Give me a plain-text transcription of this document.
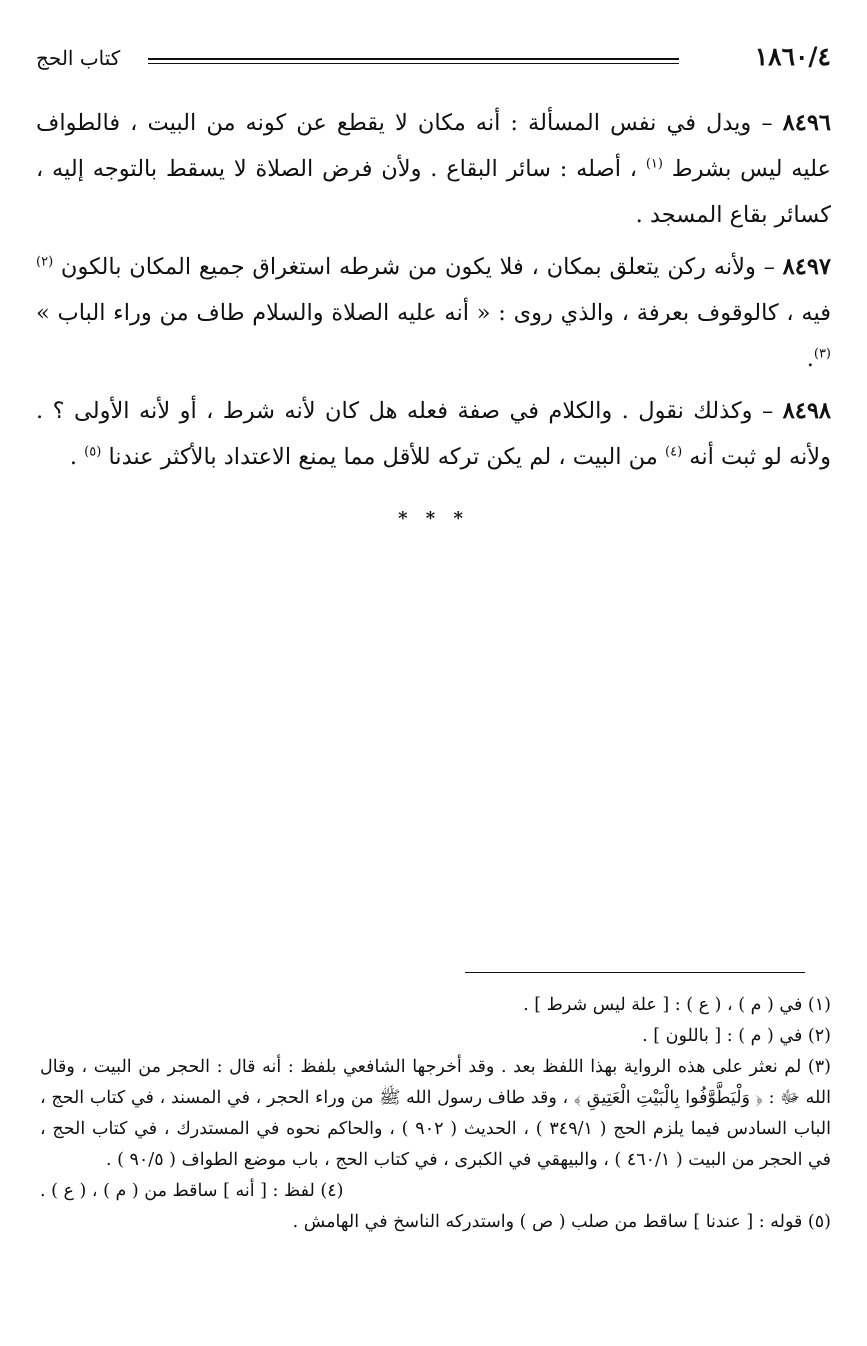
١٨٦٠/٤
كتاب الحج

٨٤٩٦ – ويدل في نفس المسألة : أنه مكان لا يقطع عن كونه من البيت ، فالطواف عليه ليس بشرط $^{(١)}$ ، أصله : سائر البقاع . ولأن فرض الصلاة لا يسقط بالتوجه إليه ، كسائر بقاع المسجد .

٨٤٩٧ – ولأنه ركن يتعلق بمكان ، فلا يكون من شرطه استغراق جميع المكان بالكون $^{(٢)}$ فيه ، كالوقوف بعرفة ، والذي روى : « أنه عليه الصلاة والسلام طاف من وراء الباب » $^{(٣)}$.

٨٤٩٨ – وكذلك نقول . والكلام في صفة فعله هل كان لأنه شرط ، أو لأنه الأولى ؟ . ولأنه لو ثبت أنه $^{(٤)}$ من البيت ، لم يكن تركه للأقل مما يمنع الاعتداد بالأكثر عندنا $^{(٥)}$ .

* * *

(١) في ( م ) ، ( ع ) : [ علة ليس شرط ] .

(٢) في ( م ) : [ باللون ] .

(٣) لم نعثر على هذه الرواية بهذا اللفظ بعد . وقد أخرجها الشافعي بلفظ : أنه قال : الحجر من البيت ، وقال الله ﷻ : ﴿ وَلْيَطَّوَّفُوا بِالْبَيْتِ الْعَتِيقِ ﴾ ، وقد طاف رسول الله ﷺ من وراء الحجر ، في المسند ، في كتاب الحج ، الباب السادس فيما يلزم الحج ( ٣٤٩/١ ) ، الحديث ( ٩٠٢ ) ، والحاكم نحوه في المستدرك ، في كتاب الحج ، في الحجر من البيت ( ٤٦٠/١ ) ، والبيهقي في الكبرى ، في كتاب الحج ، باب موضع الطواف ( ٩٠/٥ ) .

(٤) لفظ : [ أنه ] ساقط من ( م ) ، ( ع ) .

(٥) قوله : [ عندنا ] ساقط من صلب ( ص ) واستدركه الناسخ في الهامش .
